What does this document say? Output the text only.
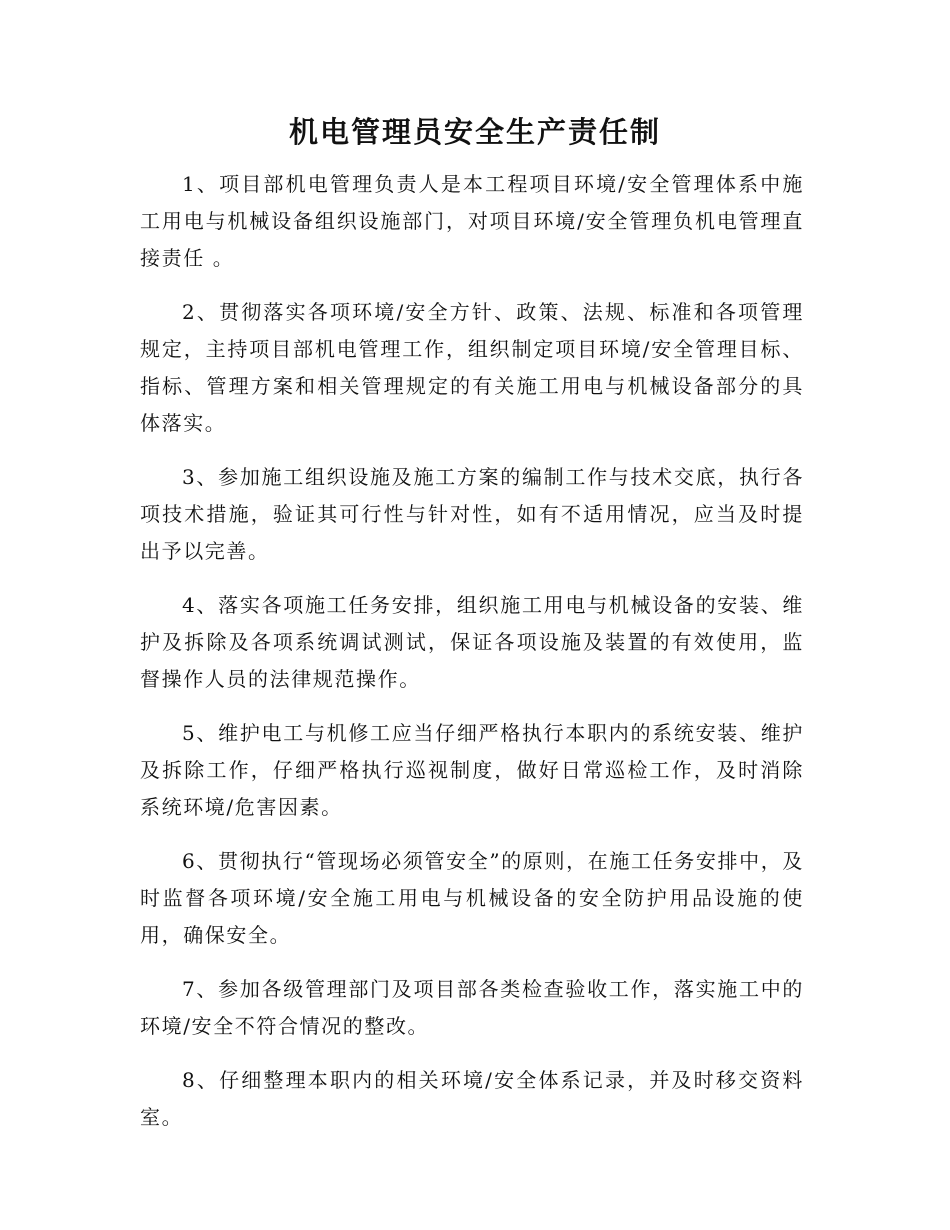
机电管理员安全生产责任制

1、项目部机电管理负责人是本工程项目环境/安全管理体系中施工用电与机械设备组织设施部门，对项目环境/安全管理负机电管理直接责任 。

2、贯彻落实各项环境/安全方针、政策、法规、标准和各项管理规定，主持项目部机电管理工作，组织制定项目环境/安全管理目标、指标、管理方案和相关管理规定的有关施工用电与机械设备部分的具体落实。

3、参加施工组织设施及施工方案的编制工作与技术交底，执行各项技术措施，验证其可行性与针对性，如有不适用情况，应当及时提出予以完善。

4、落实各项施工任务安排，组织施工用电与机械设备的安装、维护及拆除及各项系统调试测试，保证各项设施及装置的有效使用，监督操作人员的法律规范操作。

5、维护电工与机修工应当仔细严格执行本职内的系统安装、维护及拆除工作，仔细严格执行巡视制度，做好日常巡检工作，及时消除系统环境/危害因素。

6、贯彻执行“管现场必须管安全”的原则，在施工任务安排中，及时监督各项环境/安全施工用电与机械设备的安全防护用品设施的使用，确保安全。

7、参加各级管理部门及项目部各类检查验收工作，落实施工中的环境/安全不符合情况的整改。

8、仔细整理本职内的相关环境/安全体系记录，并及时移交资料室。
